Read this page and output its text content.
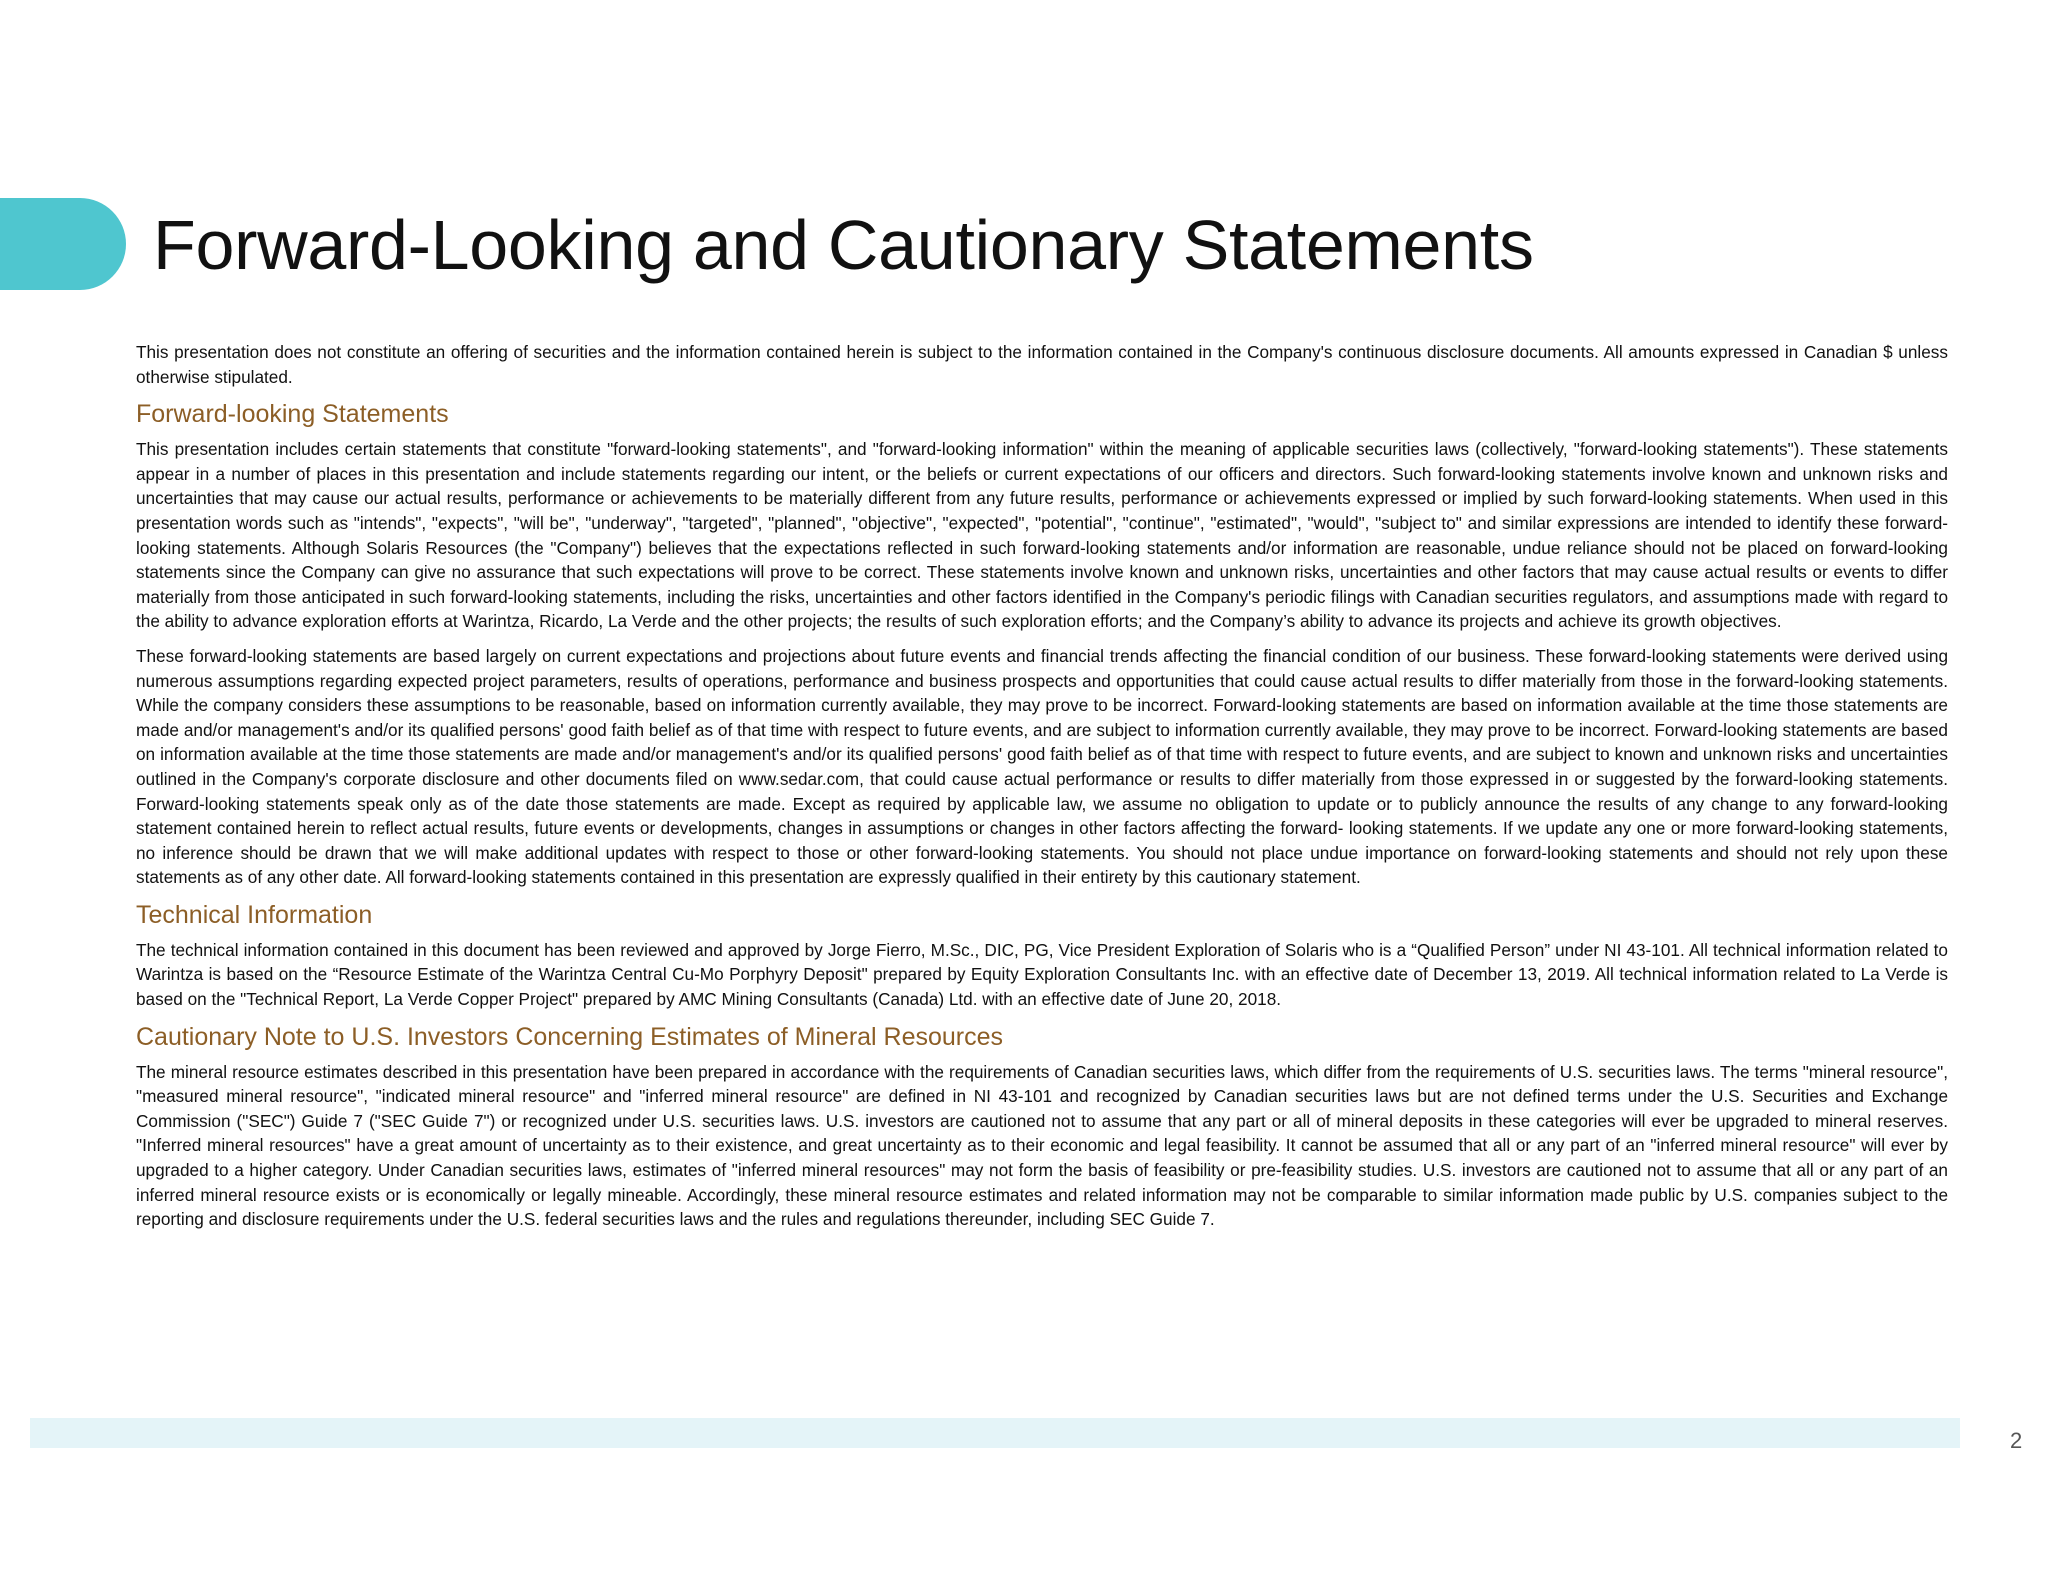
Forward-Looking and Cautionary Statements

This presentation does not constitute an offering of securities and the information contained herein is subject to the information contained in the Company's continuous disclosure documents. All amounts expressed in Canadian $ unless otherwise stipulated.

Forward-looking Statements

This presentation includes certain statements that constitute "forward-looking statements", and "forward-looking information" within the meaning of applicable securities laws (collectively, "forward-looking statements"). These statements appear in a number of places in this presentation and include statements regarding our intent, or the beliefs or current expectations of our officers and directors. Such forward-looking statements involve known and unknown risks and uncertainties that may cause our actual results, performance or achievements to be materially different from any future results, performance or achievements expressed or implied by such forward-looking statements. When used in this presentation words such as "intends", "expects", "will be", "underway", "targeted", "planned", "objective", "expected", "potential", "continue", "estimated", "would", "subject to" and similar expressions are intended to identify these forward-looking statements. Although Solaris Resources (the "Company") believes that the expectations reflected in such forward-looking statements and/or information are reasonable, undue reliance should not be placed on forward-looking statements since the Company can give no assurance that such expectations will prove to be correct. These statements involve known and unknown risks, uncertainties and other factors that may cause actual results or events to differ materially from those anticipated in such forward-looking statements, including the risks, uncertainties and other factors identified in the Company's periodic filings with Canadian securities regulators, and assumptions made with regard to the ability to advance exploration efforts at Warintza, Ricardo, La Verde and the other projects; the results of such exploration efforts; and the Company’s ability to advance its projects and achieve its growth objectives.

These forward-looking statements are based largely on current expectations and projections about future events and financial trends affecting the financial condition of our business. These forward-looking statements were derived using numerous assumptions regarding expected project parameters, results of operations, performance and business prospects and opportunities that could cause actual results to differ materially from those in the forward-looking statements. While the company considers these assumptions to be reasonable, based on information currently available, they may prove to be incorrect. Forward-looking statements are based on information available at the time those statements are made and/or management's and/or its qualified persons' good faith belief as of that time with respect to future events, and are subject to information currently available, they may prove to be incorrect. Forward-looking statements are based on information available at the time those statements are made and/or management's and/or its qualified persons' good faith belief as of that time with respect to future events, and are subject to known and unknown risks and uncertainties outlined in the Company's corporate disclosure and other documents filed on www.sedar.com, that could cause actual performance or results to differ materially from those expressed in or suggested by the forward-looking statements. Forward-looking statements speak only as of the date those statements are made. Except as required by applicable law, we assume no obligation to update or to publicly announce the results of any change to any forward-looking statement contained herein to reflect actual results, future events or developments, changes in assumptions or changes in other factors affecting the forward- looking statements. If we update any one or more forward-looking statements, no inference should be drawn that we will make additional updates with respect to those or other forward-looking statements. You should not place undue importance on forward-looking statements and should not rely upon these statements as of any other date. All forward-looking statements contained in this presentation are expressly qualified in their entirety by this cautionary statement.

Technical Information

The technical information contained in this document has been reviewed and approved by Jorge Fierro, M.Sc., DIC, PG, Vice President Exploration of Solaris who is a “Qualified Person” under NI 43-101. All technical information related to Warintza is based on the “Resource Estimate of the Warintza Central Cu-Mo Porphyry Deposit" prepared by Equity Exploration Consultants Inc. with an effective date of December 13, 2019. All technical information related to La Verde is based on the "Technical Report, La Verde Copper Project" prepared by AMC Mining Consultants (Canada) Ltd. with an effective date of June 20, 2018.

Cautionary Note to U.S. Investors Concerning Estimates of Mineral Resources

The mineral resource estimates described in this presentation have been prepared in accordance with the requirements of Canadian securities laws, which differ from the requirements of U.S. securities laws. The terms "mineral resource", "measured mineral resource", "indicated mineral resource" and "inferred mineral resource" are defined in NI 43-101 and recognized by Canadian securities laws but are not defined terms under the U.S. Securities and Exchange Commission ("SEC") Guide 7 ("SEC Guide 7") or recognized under U.S. securities laws. U.S. investors are cautioned not to assume that any part or all of mineral deposits in these categories will ever be upgraded to mineral reserves. "Inferred mineral resources" have a great amount of uncertainty as to their existence, and great uncertainty as to their economic and legal feasibility. It cannot be assumed that all or any part of an "inferred mineral resource" will ever by upgraded to a higher category. Under Canadian securities laws, estimates of "inferred mineral resources" may not form the basis of feasibility or pre-feasibility studies. U.S. investors are cautioned not to assume that all or any part of an inferred mineral resource exists or is economically or legally mineable. Accordingly, these mineral resource estimates and related information may not be comparable to similar information made public by U.S. companies subject to the reporting and disclosure requirements under the U.S. federal securities laws and the rules and regulations thereunder, including SEC Guide 7.

2
